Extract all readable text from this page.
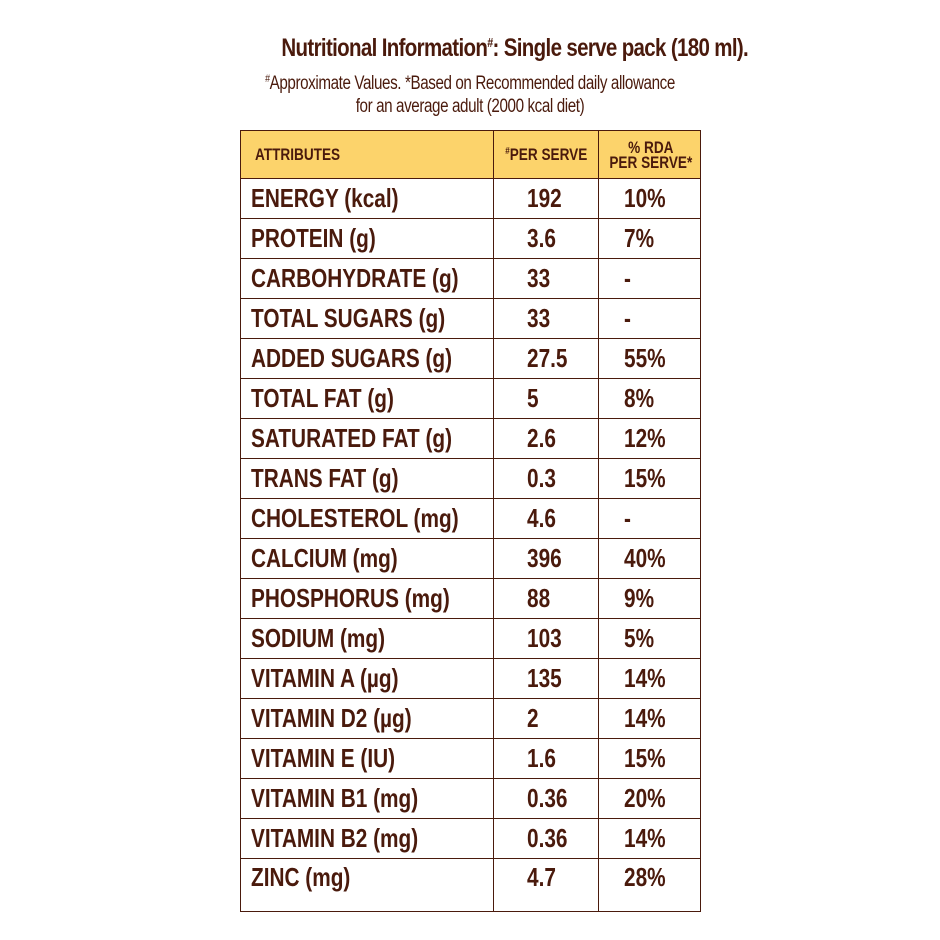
Nutritional Information#: Single serve pack (180 ml).
#Approximate Values. *Based on Recommended daily allowance for an average adult (2000 kcal diet)
ATTRIBUTES	#PER SERVE	% RDA
PER SERVE*
ENERGY (kcal)	192	10%
PROTEIN (g)	3.6	7%
CARBOHYDRATE (g)	33	-
TOTAL SUGARS (g)	33	-
ADDED SUGARS (g)	27.5	55%
TOTAL FAT (g)	5	8%
SATURATED FAT (g)	2.6	12%
TRANS FAT (g)	0.3	15%
CHOLESTEROL (mg)	4.6	-
CALCIUM (mg)	396	40%
PHOSPHORUS (mg)	88	9%
SODIUM (mg)	103	5%
VITAMIN A (µg)	135	14%
VITAMIN D2 (µg)	2	14%
VITAMIN E (IU)	1.6	15%
VITAMIN B1 (mg)	0.36	20%
VITAMIN B2 (mg)	0.36	14%
ZINC (mg)	4.7	28%
